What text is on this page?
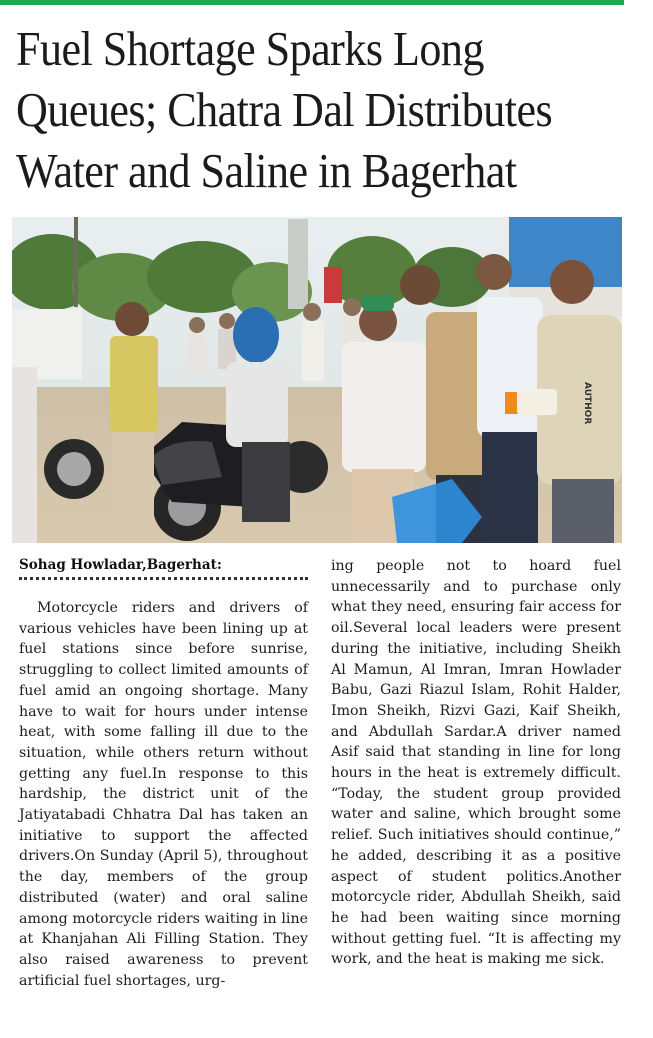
Fuel Shortage Sparks Long
Queues; Chatra Dal Distributes
Water and Saline in Bagerhat
AUTHOR

Sohag Howladar,Bagerhat:

Motorcycle riders and drivers of various vehicles have been lining up at fuel stations since before sunrise, struggling to collect limited amounts of fuel amid an ongoing shortage. Many have to wait for hours under intense heat, with some falling ill due to the situation, while others return without getting any fuel.In response to this hardship, the district unit of the Jatiyatabadi Chhatra Dal has taken an initiative to support the affected drivers.On Sunday (April 5), throughout the day, members of the group distributed (water) and oral saline among motorcycle riders waiting in line at Khanjahan Ali Filling Station. They also raised awareness to prevent artificial fuel shortages, urg-

ing people not to hoard fuel unnecessarily and to purchase only what they need, ensuring fair access for oil.Several local leaders were present during the initiative, including Sheikh Al Mamun, Al Imran, Imran Howlader Babu, Gazi Riazul Islam, Rohit Halder, Imon Sheikh, Rizvi Gazi, Kaif Sheikh, and Abdullah Sardar.A driver named Asif said that standing in line for long hours in the heat is extremely difficult. “Today, the student group provided water and saline, which brought some relief. Such initiatives should continue,” he added, describing it as a positive aspect of student politics.Another motorcycle rider, Abdullah Sheikh, said he had been waiting since morning without getting fuel. “It is affecting my work, and the heat is making me sick.
